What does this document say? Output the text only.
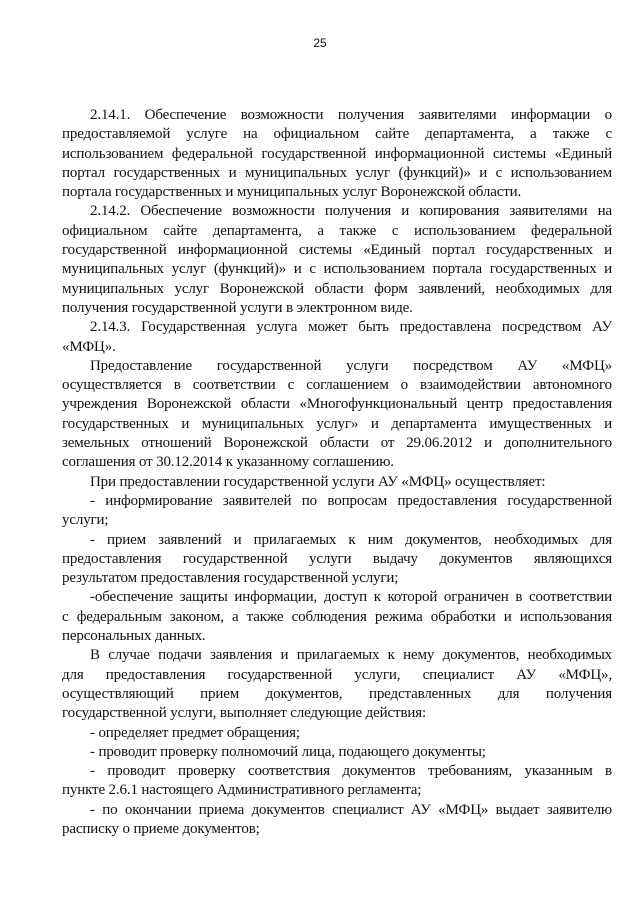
25
2.14.1. Обеспечение возможности получения заявителями информации о
предоставляемой услуге на официальном сайте департамента, а также с
использованием федеральной государственной информационной системы «Единый
портал государственных и муниципальных услуг (функций)» и с использованием
портала государственных и муниципальных услуг Воронежской области.
2.14.2. Обеспечение возможности получения и копирования заявителями на
официальном сайте департамента, а также с использованием федеральной
государственной информационной системы «Единый портал государственных и
муниципальных услуг (функций)» и с использованием портала государственных и
муниципальных услуг Воронежской области форм заявлений, необходимых для
получения государственной услуги в электронном виде.
2.14.3. Государственная услуга может быть предоставлена посредством АУ
«МФЦ».
Предоставление государственной услуги посредством АУ «МФЦ»
осуществляется в соответствии с соглашением о взаимодействии автономного
учреждения Воронежской области «Многофункциональный центр предоставления
государственных и муниципальных услуг» и департамента имущественных и
земельных отношений Воронежской области от 29.06.2012 и дополнительного
соглашения от 30.12.2014 к указанному соглашению.
При предоставлении государственной услуги АУ «МФЦ» осуществляет:
- информирование заявителей по вопросам предоставления государственной
услуги;
- прием заявлений и прилагаемых к ним документов, необходимых для
предоставления государственной услуги выдачу документов являющихся
результатом предоставления государственной услуги;
-обеспечение защиты информации, доступ к которой ограничен в соответствии
с федеральным законом, а также соблюдения режима обработки и использования
персональных данных.
В случае подачи заявления и прилагаемых к нему документов, необходимых
для предоставления государственной услуги, специалист АУ «МФЦ»,
осуществляющий прием документов, представленных для получения
государственной услуги, выполняет следующие действия:
- определяет предмет обращения;
- проводит проверку полномочий лица, подающего документы;
- проводит проверку соответствия документов требованиям, указанным в
пункте 2.6.1 настоящего Административного регламента;
- по окончании приема документов специалист АУ «МФЦ» выдает заявителю
расписку о приеме документов;
